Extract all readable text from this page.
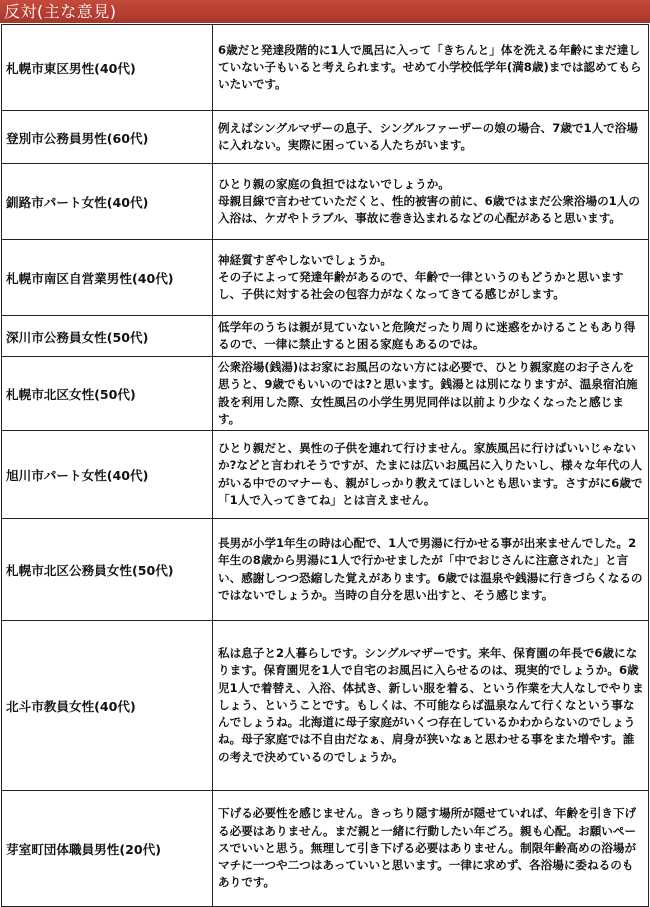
反対(主な意見)
札幌市東区男性(40代)	6歳だと発達段階的に1人で風呂に入って「きちんと」体を洗える年齢にまだ達していない子もいると考えられます。せめて小学校低学年(満8歳)までは認めてもらいたいです。
登別市公務員男性(60代)	例えばシングルマザーの息子、シングルファーザーの娘の場合、7歳で1人で浴場に入れない。実際に困っている人たちがいます。
釧路市パート女性(40代)	ひとり親の家庭の負担ではないでしょうか。
母親目線で言わせていただくと、性的被害の前に、6歳ではまだ公衆浴場の1人の入浴は、ケガやトラブル、事故に巻き込まれるなどの心配があると思います。
札幌市南区自営業男性(40代)	神経質すぎやしないでしょうか。
その子によって発達年齢があるので、年齢で一律というのもどうかと思いますし、子供に対する社会の包容力がなくなってきてる感じがします。
深川市公務員女性(50代)	低学年のうちは親が見ていないと危険だったり周りに迷惑をかけることもあり得るので、一律に禁止すると困る家庭もあるのでは。
札幌市北区女性(50代)	公衆浴場(銭湯)はお家にお風呂のない方には必要で、ひとり親家庭のお子さんを思うと、9歳でもいいのでは?と思います。銭湯とは別になりますが、温泉宿泊施設を利用した際、女性風呂の小学生男児同伴は以前より少なくなったと感じます。
旭川市パート女性(40代)	ひとり親だと、異性の子供を連れて行けません。家族風呂に行けばいいじゃないか?などと言われそうですが、たまには広いお風呂に入りたいし、様々な年代の人がいる中でのマナーも、親がしっかり教えてほしいとも思います。さすがに6歳で「1人で入ってきてね」とは言えません。
札幌市北区公務員女性(50代)	長男が小学1年生の時は心配で、1人で男湯に行かせる事が出来ませんでした。2年生の8歳から男湯に1人で行かせましたが「中でおじさんに注意された」と言い、感謝しつつ恐縮した覚えがあります。6歳では温泉や銭湯に行きづらくなるのではないでしょうか。当時の自分を思い出すと、そう感じます。
北斗市教員女性(40代)	私は息子と2人暮らしです。シングルマザーです。来年、保育園の年長で6歳になります。保育園児を1人で自宅のお風呂に入らせるのは、現実的でしょうか。6歳児1人で着替え、入浴、体拭き、新しい服を着る、という作業を大人なしでやりましょう、ということです。もしくは、不可能ならば温泉なんて行くなという事なんでしょうね。北海道に母子家庭がいくつ存在しているかわからないのでしょうね。母子家庭では不自由だなぁ、肩身が狭いなぁと思わせる事をまた増やす。誰の考えで決めているのでしょうか。
芽室町団体職員男性(20代)	下げる必要性を感じません。きっちり隠す場所が隠せていれば、年齢を引き下げる必要はありません。まだ親と一緒に行動したい年ごろ。親も心配。お願いペースでいいと思う。無理して引き下げる必要はありません。制限年齢高めの浴場がマチに一つや二つはあっていいと思います。一律に求めず、各浴場に委ねるのもありです。
